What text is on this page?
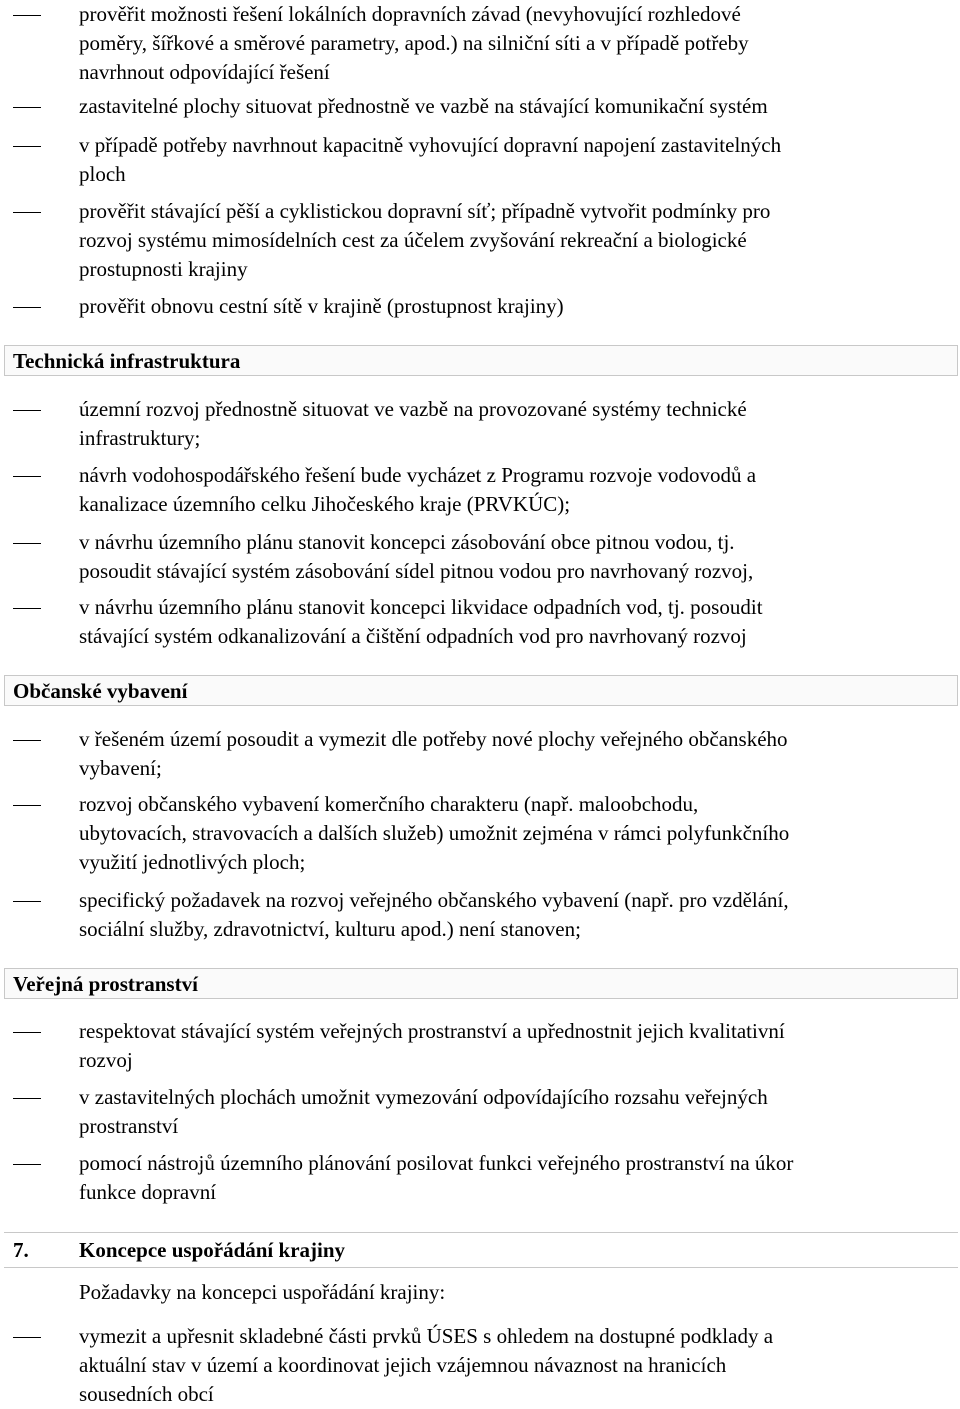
prověřit možnosti řešení lokálních dopravních závad (nevyhovující rozhledové
poměry, šířkové a směrové parametry, apod.) na silniční síti a v případě potřeby
navrhnout odpovídající řešení
zastavitelné plochy situovat přednostně ve vazbě na stávající komunikační systém
v případě potřeby navrhnout kapacitně vyhovující dopravní napojení zastavitelných
ploch
prověřit stávající pěší a cyklistickou dopravní síť; případně vytvořit podmínky pro
rozvoj systému mimosídelních cest za účelem zvyšování rekreační a biologické
prostupnosti krajiny
prověřit obnovu cestní sítě v krajině (prostupnost krajiny)
Technická infrastruktura
územní rozvoj přednostně situovat ve vazbě na provozované systémy technické
infrastruktury;
návrh vodohospodářského řešení bude vycházet z Programu rozvoje vodovodů a
kanalizace územního celku Jihočeského kraje (PRVKÚC);
v návrhu územního plánu stanovit koncepci zásobování obce pitnou vodou, tj.
posoudit stávající systém zásobování sídel pitnou vodou pro navrhovaný rozvoj,
v návrhu územního plánu stanovit koncepci likvidace odpadních vod, tj. posoudit
stávající systém odkanalizování a čištění odpadních vod pro navrhovaný rozvoj
Občanské vybavení
v řešeném území posoudit a vymezit dle potřeby nové plochy veřejného občanského
vybavení;
rozvoj občanského vybavení komerčního charakteru (např. maloobchodu,
ubytovacích, stravovacích a dalších služeb) umožnit zejména v rámci polyfunkčního
využití jednotlivých ploch;
specifický požadavek na rozvoj veřejného občanského vybavení (např. pro vzdělání,
sociální služby, zdravotnictví, kulturu apod.) není stanoven;
Veřejná prostranství
respektovat stávající systém veřejných prostranství a upřednostnit jejich kvalitativní
rozvoj
v zastavitelných plochách umožnit vymezování odpovídajícího rozsahu veřejných
prostranství
pomocí nástrojů územního plánování posilovat funkci veřejného prostranství na úkor
funkce dopravní
7. Koncepce uspořádání krajiny
Požadavky na koncepci uspořádání krajiny:
vymezit a upřesnit skladebné části prvků ÚSES s ohledem na dostupné podklady a
aktuální stav v území a koordinovat jejich vzájemnou návaznost na hranicích
sousedních obcí
